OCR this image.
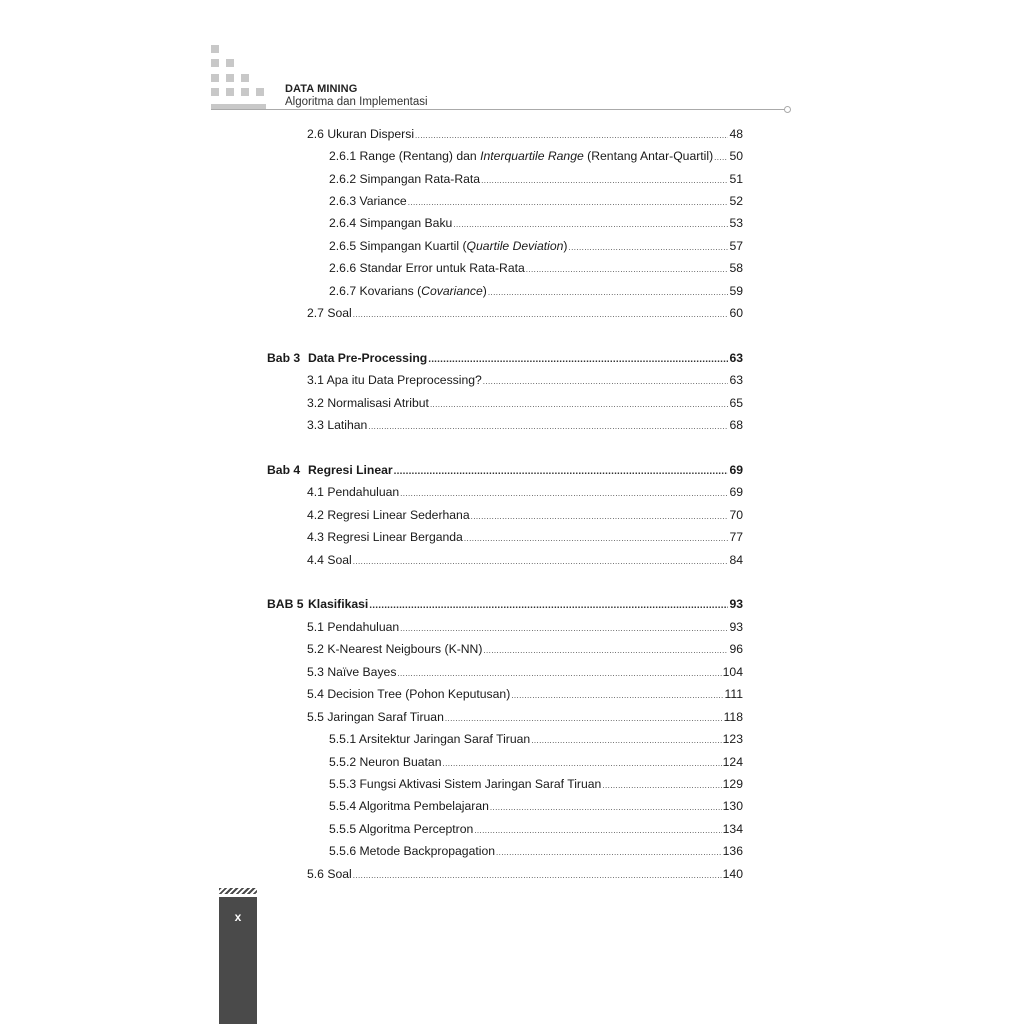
DATA MINING
Algoritma dan Implementasi
2.6 Ukuran Dispersi .....	48
2.6.1 Range (Rentang) dan Interquartile Range (Rentang Antar-Quartil) ..... 50
2.6.2 Simpangan Rata-Rata .....	51
2.6.3 Variance .....	52
2.6.4 Simpangan Baku .....	53
2.6.5 Simpangan Kuartil (Quartile Deviation) .....	57
2.6.6 Standar Error untuk Rata-Rata .....	58
2.6.7 Kovarians (Covariance) .....	59
2.7 Soal .....	60
Bab 3 Data Pre-Processing .....	63
3.1 Apa itu Data Preprocessing? .....	63
3.2 Normalisasi Atribut .....	65
3.3 Latihan .....	68
Bab 4 Regresi Linear .....	69
4.1 Pendahuluan .....	69
4.2 Regresi Linear Sederhana .....	70
4.3 Regresi Linear Berganda .....	77
4.4 Soal .....	84
BAB 5 Klasifikasi .....	93
5.1 Pendahuluan .....	93
5.2 K-Nearest Neigbours (K-NN) .....	96
5.3 Naïve Bayes .....	104
5.4 Decision Tree (Pohon Keputusan) .....	111
5.5 Jaringan Saraf Tiruan .....	118
5.5.1 Arsitektur Jaringan Saraf Tiruan .....	123
5.5.2 Neuron Buatan .....	124
5.5.3 Fungsi Aktivasi Sistem Jaringan Saraf Tiruan .....	129
5.5.4 Algoritma Pembelajaran .....	130
5.5.5 Algoritma Perceptron .....	134
5.5.6 Metode Backpropagation .....	136
5.6 Soal .....	140
x
